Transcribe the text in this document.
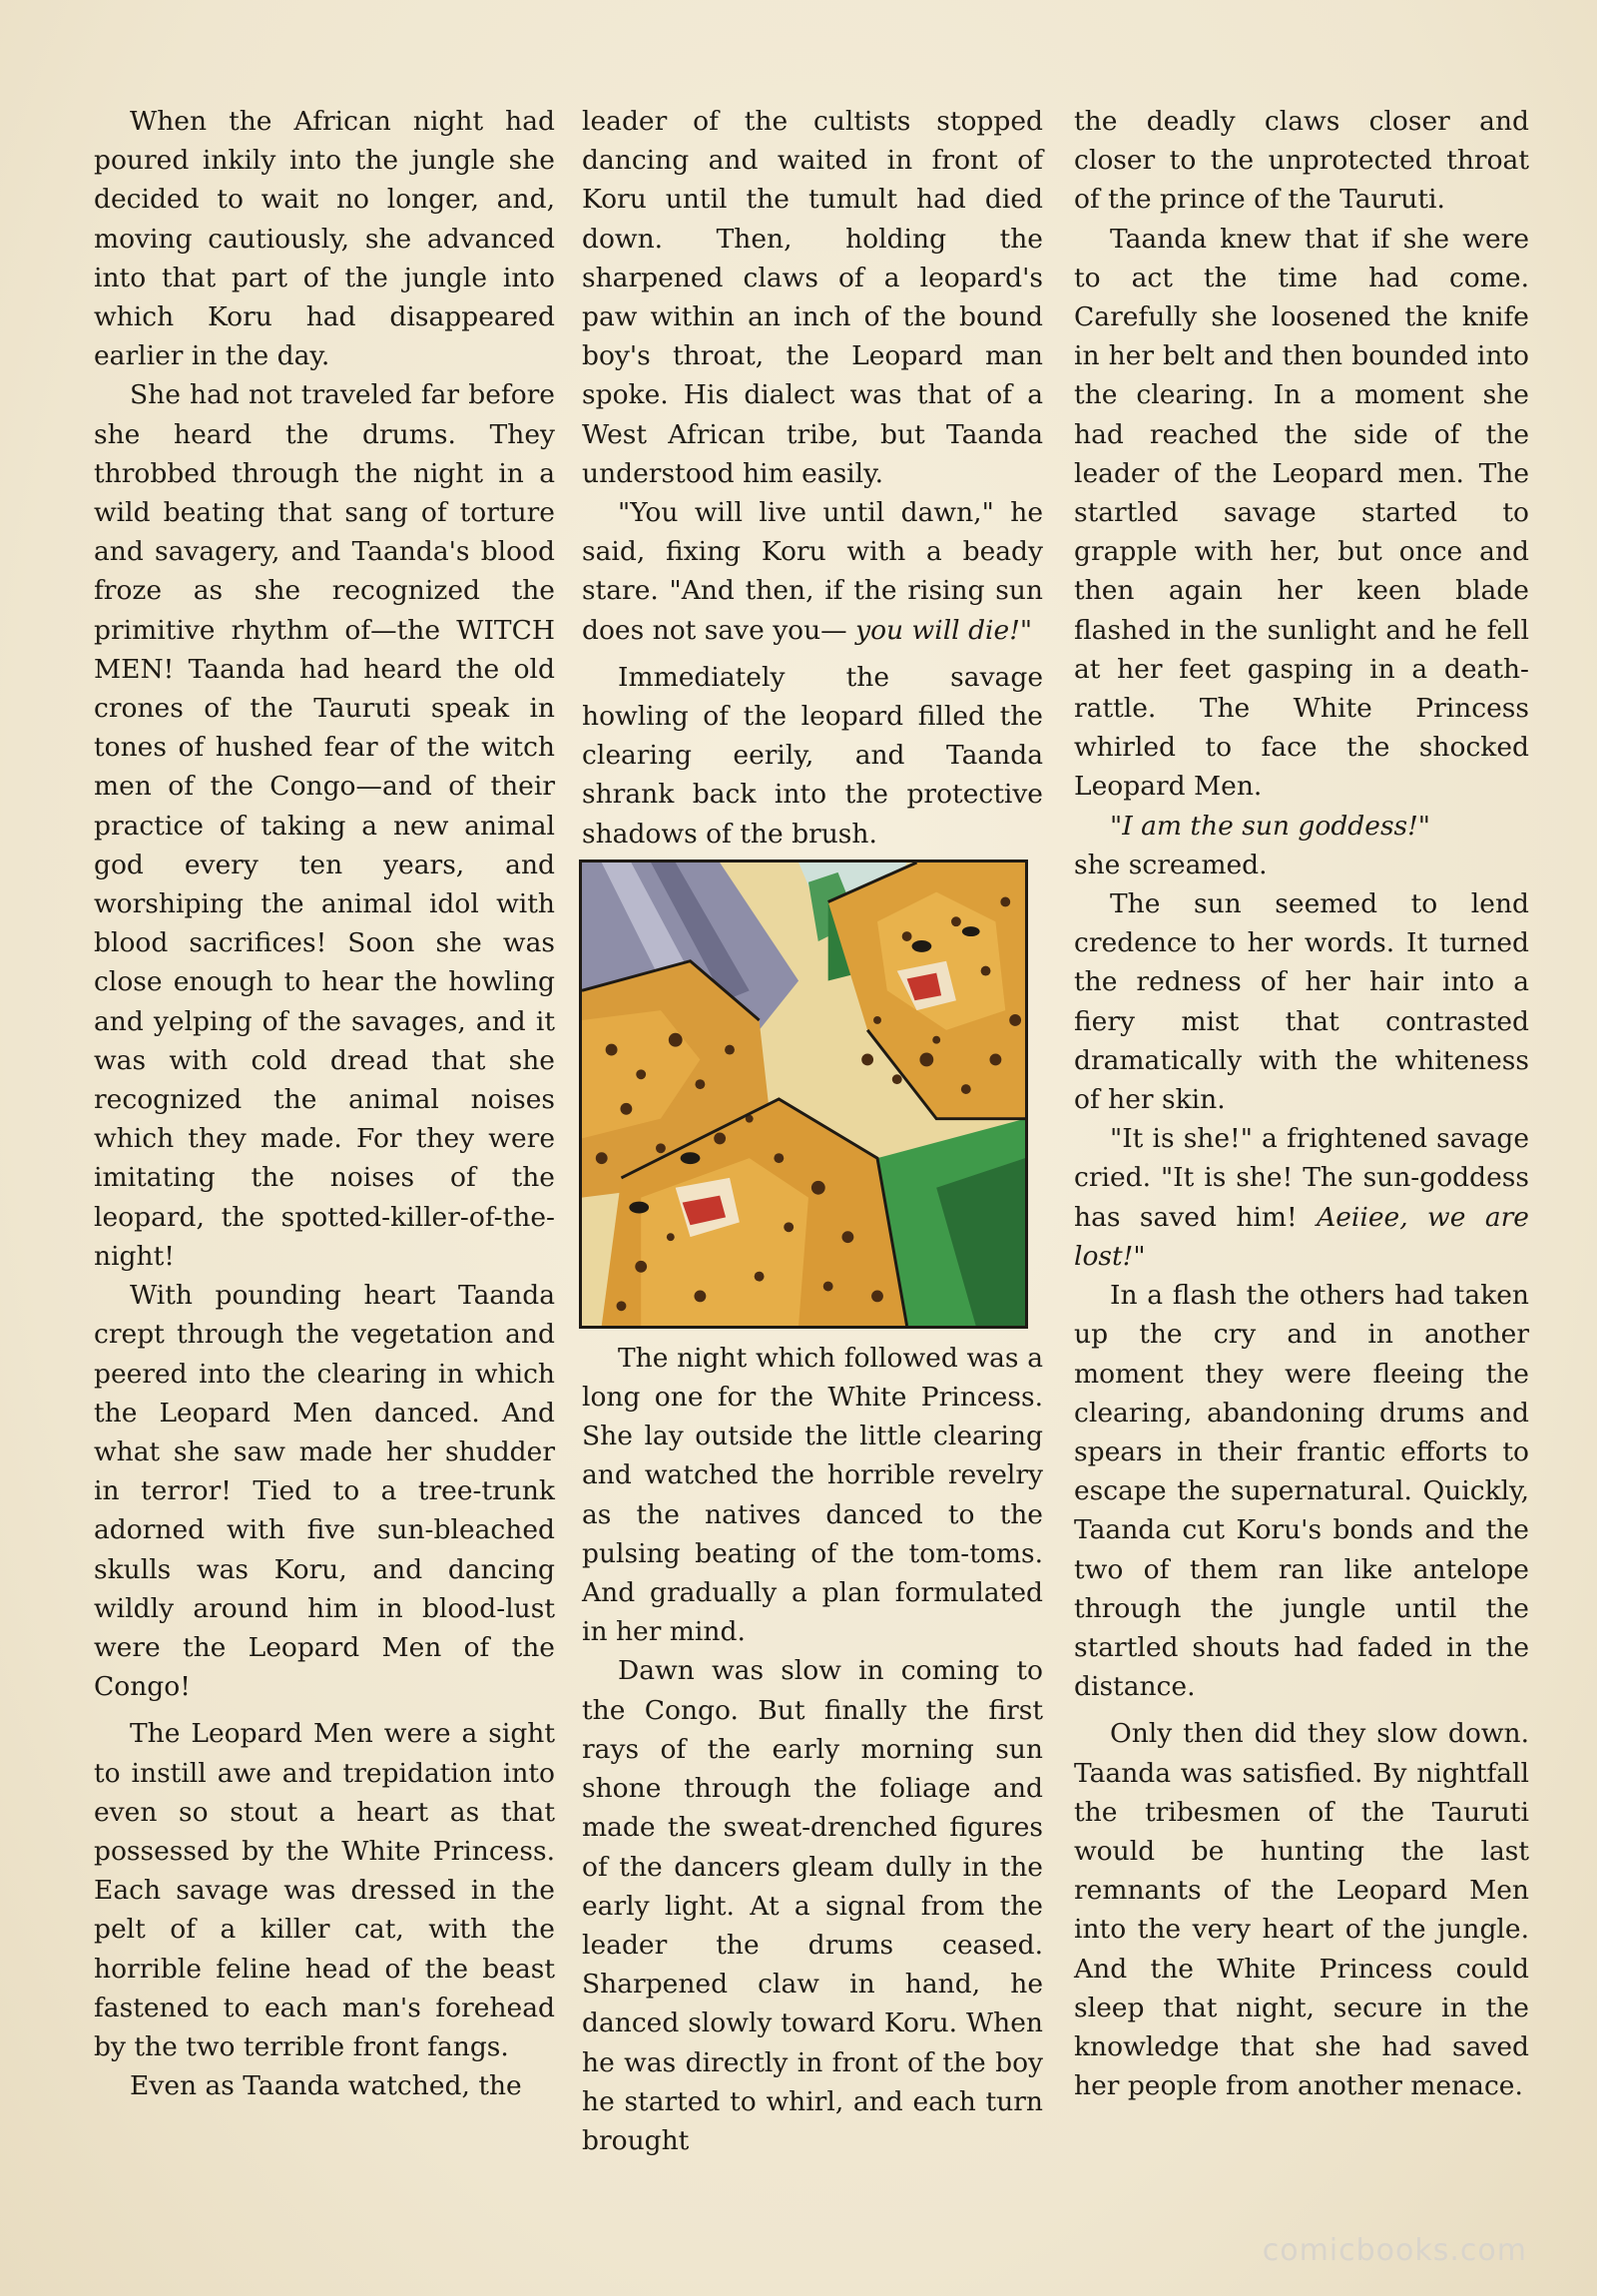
When the African night had poured inkily into the jungle she decided to wait no longer, and, moving cautiously, she advanced into that part of the jungle into which Koru had disappeared earlier in the day.

She had not traveled far before she heard the drums. They throbbed through the night in a wild beating that sang of torture and savagery, and Taanda's blood froze as she recognized the primitive rhythm of—the WITCH MEN! Taanda had heard the old crones of the Tauruti speak in tones of hushed fear of the witch men of the Congo—and of their practice of taking a new animal god every ten years, and worshiping the animal idol with blood sacrifices! Soon she was close enough to hear the howling and yelping of the savages, and it was with cold dread that she recognized the animal noises which they made. For they were imitating the noises of the leopard, the spotted-killer-of-the-night!

With pounding heart Taanda crept through the vegetation and peered into the clearing in which the Leopard Men danced. And what she saw made her shudder in terror! Tied to a tree-trunk adorned with five sun-bleached skulls was Koru, and dancing wildly around him in blood-lust were the Leopard Men of the Congo!

The Leopard Men were a sight to instill awe and trepidation into even so stout a heart as that possessed by the White Princess. Each savage was dressed in the pelt of a killer cat, with the horrible feline head of the beast fastened to each man's forehead by the two terrible front fangs.

Even as Taanda watched, the

leader of the cultists stopped dancing and waited in front of Koru until the tumult had died down. Then, holding the sharpened claws of a leopard's paw within an inch of the bound boy's throat, the Leopard man spoke. His dialect was that of a West African tribe, but Taanda understood him easily.

"You will live until dawn," he said, fixing Koru with a beady stare. "And then, if the rising sun does not save you— you will die!"

Immediately the savage howling of the leopard filled the clearing eerily, and Taanda shrank back into the protective shadows of the brush.

The night which followed was a long one for the White Princess. She lay outside the little clearing and watched the horrible revelry as the natives danced to the pulsing beating of the tom-toms. And gradually a plan formulated in her mind.

Dawn was slow in coming to the Congo. But finally the first rays of the early morning sun shone through the foliage and made the sweat-drenched figures of the dancers gleam dully in the early light. At a signal from the leader the drums ceased. Sharpened claw in hand, he danced slowly toward Koru. When he was directly in front of the boy he started to whirl, and each turn brought

the deadly claws closer and closer to the unprotected throat of the prince of the Tauruti.

Taanda knew that if she were to act the time had come. Carefully she loosened the knife in her belt and then bounded into the clearing. In a moment she had reached the side of the leader of the Leopard men. The startled savage started to grapple with her, but once and then again her keen blade flashed in the sunlight and he fell at her feet gasping in a death-rattle. The White Princess whirled to face the shocked Leopard Men.

"I am the sun goddess!"

she screamed.

The sun seemed to lend credence to her words. It turned the redness of her hair into a fiery mist that contrasted dramatically with the whiteness of her skin.

"It is she!" a frightened savage cried. "It is she! The sun-goddess has saved him! Aeiiee, we are lost!"

In a flash the others had taken up the cry and in another moment they were fleeing the clearing, abandoning drums and spears in their frantic efforts to escape the supernatural. Quickly, Taanda cut Koru's bonds and the two of them ran like antelope through the jungle until the startled shouts had faded in the distance.

Only then did they slow down. Taanda was satisfied. By nightfall the tribesmen of the Tauruti would be hunting the last remnants of the Leopard Men into the very heart of the jungle. And the White Princess could sleep that night, secure in the knowledge that she had saved her people from another menace.

comicbooks.com
